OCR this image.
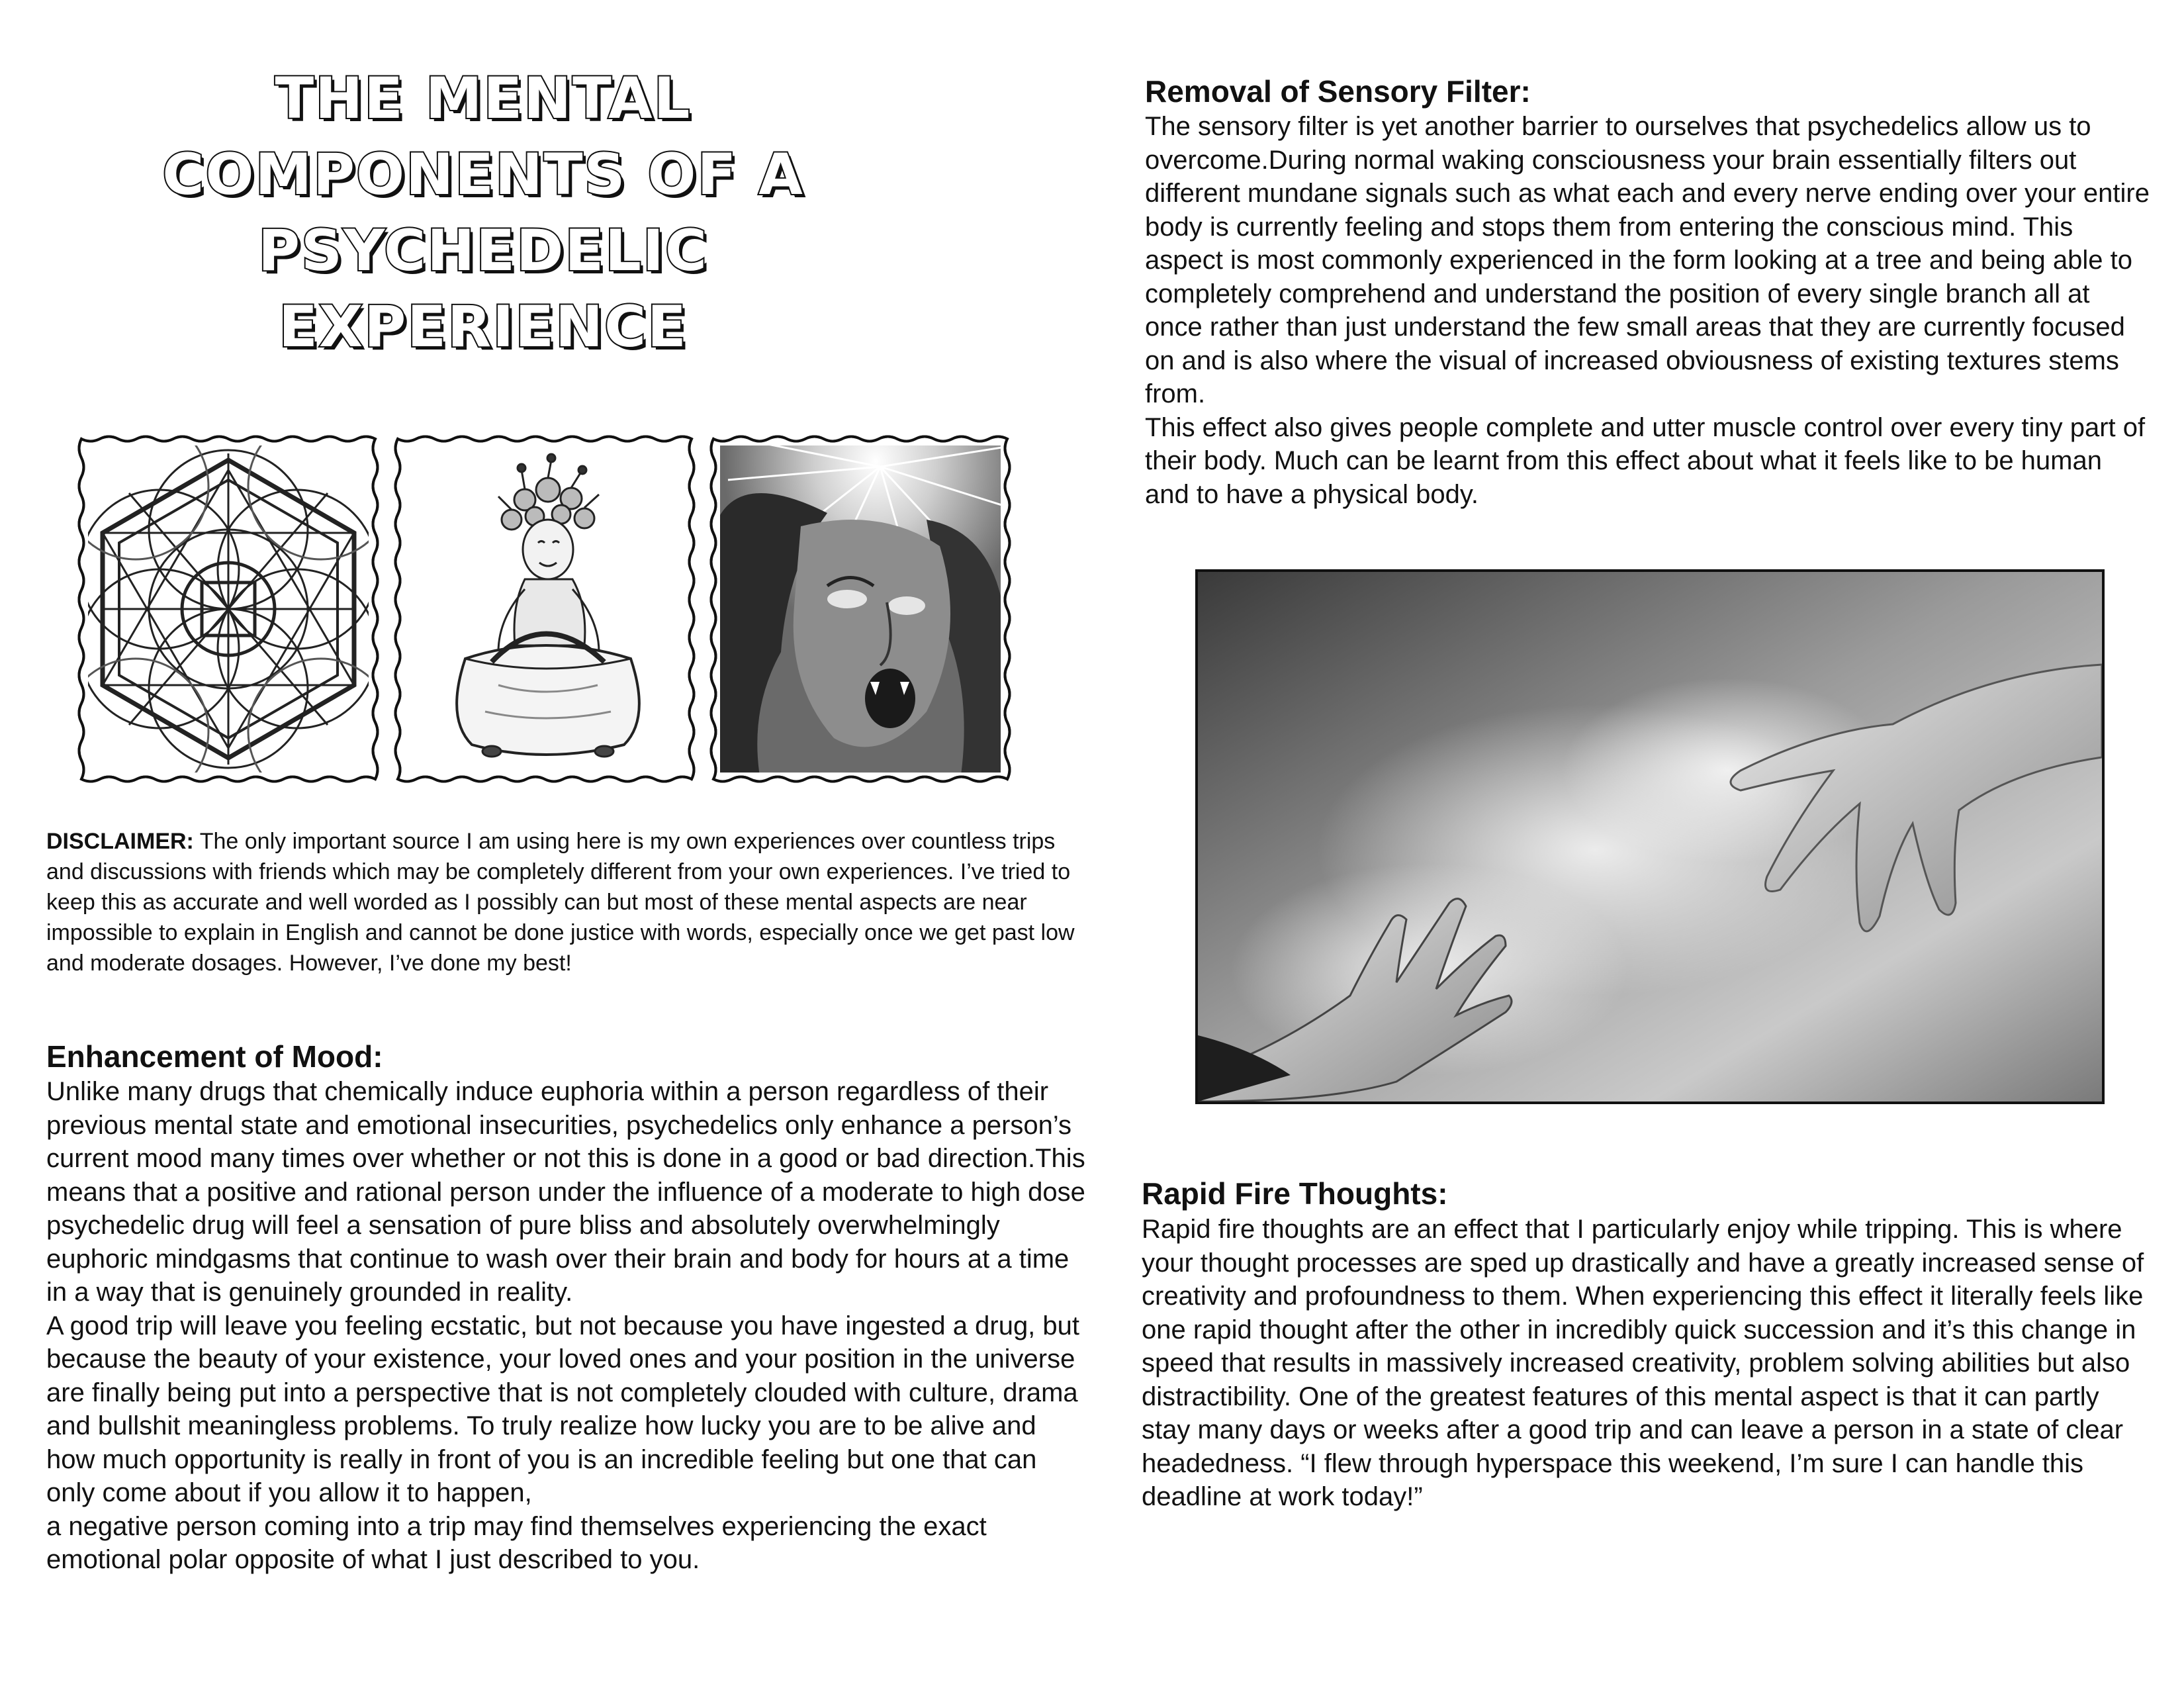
THE MENTAL
COMPONENTS OF A
PSYCHEDELIC
EXPERIENCE

DISCLAIMER: The only important source I am using here is my own experiences over countless trips and discussions with friends which may be completely different from your own experiences. I’ve tried to keep this as accurate and well worded as I possibly can but most of these mental aspects are near impossible to explain in English and cannot be done justice with words, especially once we get past low and moderate dosages. However, I’ve done my best!

Enhancement of Mood:

Unlike many drugs that chemically induce euphoria within a person regardless of their previous mental state and emotional insecurities, psychedelics only enhance a person’s current mood many times over whether or not this is done in a good or bad direction.This means that a positive and rational person under the influence of a moderate to high dose psychedelic drug will feel a sensation of pure bliss and absolutely overwhelmingly euphoric mindgasms that continue to wash over their brain and body for hours at a time in a way that is genuinely grounded in reality.

A good trip will leave you feeling ecstatic, but not because you have ingested a drug, but because the beauty of your existence, your loved ones and your position in the universe are finally being put into a perspective that is not completely clouded with culture, drama and bullshit meaningless problems. To truly realize how lucky you are to be alive and how much opportunity is really in front of you is an incredible feeling but one that can only come about if you allow it to happen,

a negative person coming into a trip may find themselves experiencing the exact emotional polar opposite of what I just described to you.

Removal of Sensory Filter:

The sensory filter is yet another barrier to ourselves that psychedelics allow us to overcome.During normal waking consciousness your brain essentially filters out different mundane signals such as what each and every nerve ending over your entire body is currently feeling and stops them from entering the conscious mind. This aspect is most commonly experienced in the form looking at a tree and being able to completely comprehend and understand the position of every single branch all at once rather than just understand the few small areas that they are currently focused on and is also where the visual of increased obviousness of existing textures stems from.

This effect also gives people complete and utter muscle control over every tiny part of their body. Much can be learnt from this effect about what it feels like to be human and to have a physical body.

Rapid Fire Thoughts:

Rapid fire thoughts are an effect that I particularly enjoy while tripping. This is where your thought processes are sped up drastically and have a greatly increased sense of creativity and profoundness to them. When experiencing this effect it literally feels like one rapid thought after the other in incredibly quick succession and it’s this change in speed that results in massively increased creativity, problem solving abilities but also distractibility. One of the greatest features of this mental aspect is that it can partly stay many days or weeks after a good trip and can leave a person in a state of clear headedness. “I flew through hyperspace this weekend, I’m sure I can handle this deadline at work today!”
